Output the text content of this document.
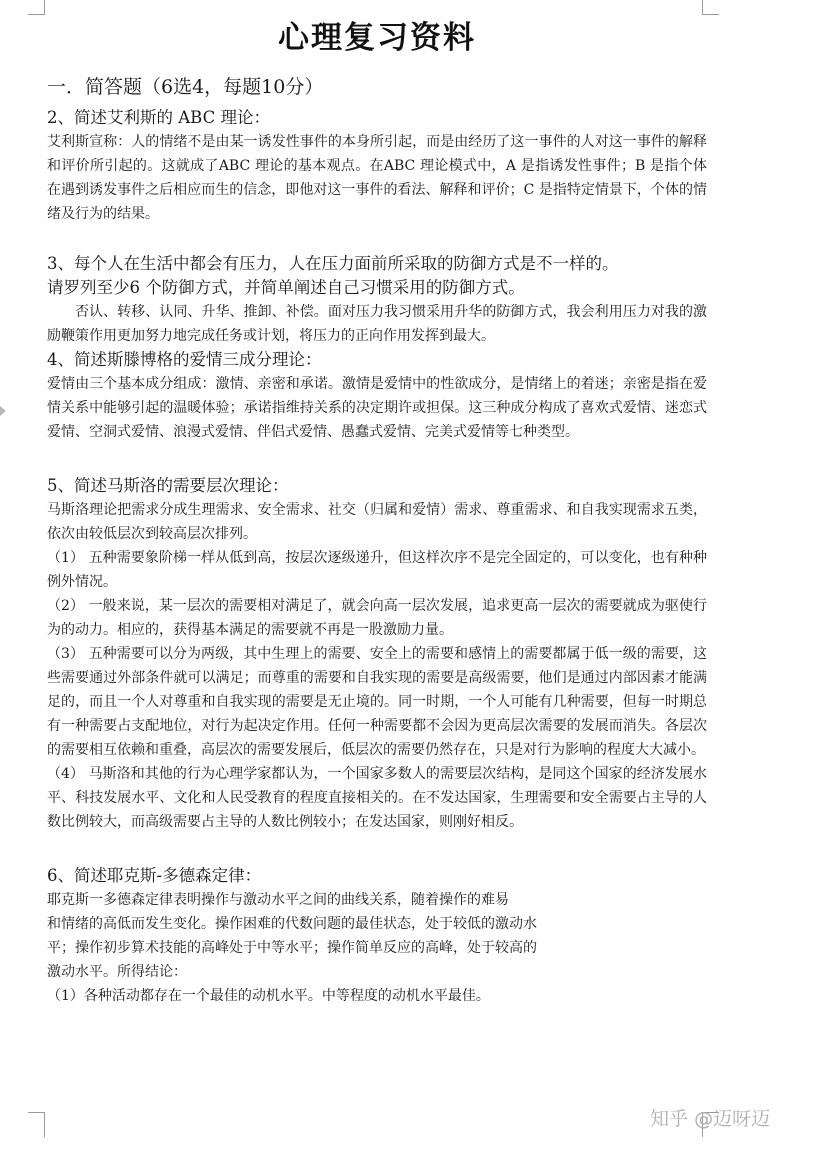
心理复习资料
一．简答题（6选4，每题10分）
2、简述艾利斯的 ABC 理论：

艾利斯宣称：人的情绪不是由某一诱发性事件的本身所引起，而是由经历了这一事件的人对这一事件的解释和评价所引起的。这就成了ABC 理论的基本观点。在ABC 理论模式中，A 是指诱发性事件；B 是指个体在遇到诱发事件之后相应而生的信念，即他对这一事件的看法、解释和评价；C 是指特定情景下，个体的情绪及行为的结果。

3、每个人在生活中都会有压力，人在压力面前所采取的防御方式是不一样的。
请罗列至少6 个防御方式，并简单阐述自己习惯采用的防御方式。

否认、转移、认同、升华、推卸、补偿。面对压力我习惯采用升华的防御方式，我会利用压力对我的激励鞭策作用更加努力地完成任务或计划，将压力的正向作用发挥到最大。

4、简述斯滕博格的爱情三成分理论：

爱情由三个基本成分组成：激情、亲密和承诺。激情是爱情中的性欲成分，是情绪上的着迷；亲密是指在爱情关系中能够引起的温暖体验；承诺指维持关系的决定期许或担保。这三种成分构成了喜欢式爱情、迷恋式爱情、空洞式爱情、浪漫式爱情、伴侣式爱情、愚蠢式爱情、完美式爱情等七种类型。

5、简述马斯洛的需要层次理论：

马斯洛理论把需求分成生理需求、安全需求、社交（归属和爱情）需求、尊重需求、和自我实现需求五类，依次由较低层次到较高层次排列。

（1） 五种需要象阶梯一样从低到高，按层次逐级递升，但这样次序不是完全固定的，可以变化，也有种种例外情况。

（2） 一般来说，某一层次的需要相对满足了，就会向高一层次发展，追求更高一层次的需要就成为驱使行为的动力。相应的，获得基本满足的需要就不再是一股激励力量。

（3） 五种需要可以分为两级，其中生理上的需要、安全上的需要和感情上的需要都属于低一级的需要，这些需要通过外部条件就可以满足；而尊重的需要和自我实现的需要是高级需要，他们是通过内部因素才能满足的，而且一个人对尊重和自我实现的需要是无止境的。同一时期，一个人可能有几种需要，但每一时期总有一种需要占支配地位，对行为起决定作用。任何一种需要都不会因为更高层次需要的发展而消失。各层次的需要相互依赖和重叠，高层次的需要发展后，低层次的需要仍然存在，只是对行为影响的程度大大减小。

（4） 马斯洛和其他的行为心理学家都认为，一个国家多数人的需要层次结构，是同这个国家的经济发展水平、科技发展水平、文化和人民受教育的程度直接相关的。在不发达国家，生理需要和安全需要占主导的人数比例较大，而高级需要占主导的人数比例较小；在发达国家，则刚好相反。

6、简述耶克斯-多德森定律：

耶克斯一多德森定律表明操作与激动水平之间的曲线关系，随着操作的难易

和情绪的高低而发生变化。操作困难的代数问题的最佳状态，处于较低的激动水

平；操作初步算术技能的高峰处于中等水平；操作简单反应的高峰，处于较高的

激动水平。所得结论：

（1）各种活动都存在一个最佳的动机水平。中等程度的动机水平最佳。

知乎 @迈呀迈
